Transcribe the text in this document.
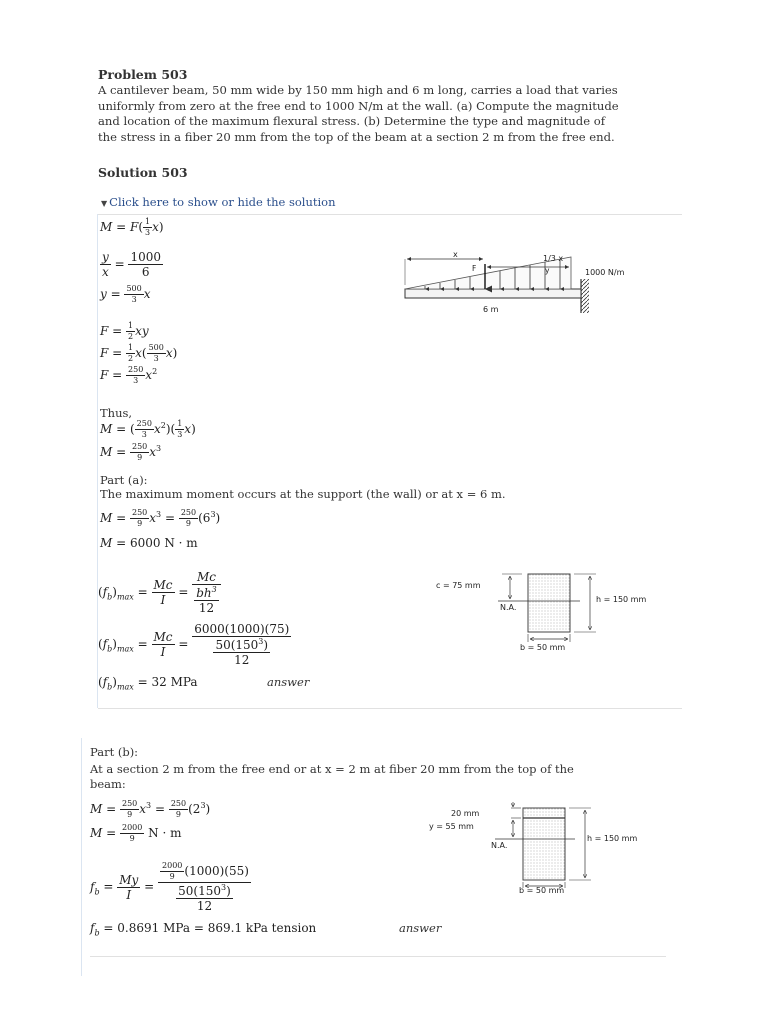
Problem 503
A cantilever beam, 50 mm wide by 150 mm high and 6 m long, carries a load that varies
uniformly from zero at the free end to 1000 N/m at the wall. (a) Compute the magnitude
and location of the maximum flexural stress. (b) Determine the type and magnitude of
the stress in a fiber 20 mm from the top of the beam at a section 2 m from the free end.
Solution 503
▼ Click here to show or hide the solution
$M = F( \frac{1}{3} x)$
$\frac{y}{x} = \frac{1000}{6}$
$y = \frac{500}{3}$ x
$F = \frac{1}{2}$ xy
$F = \frac{1}{2} x( \frac{500}{3} x)$
$F = \frac{250}{3} x^2$
Thus,
M = ( $\frac{250}{3} x^2)( \frac{1}{3} x)$
$M = \frac{250}{9} x^3$
Part (a):
The maximum moment occurs at the support (the wall) or at x = 6 m.
$M = \frac{250}{9} x^3 = \frac{250}{9} (6^3)$
M = 6000 N · m
$(f_b)_{max} = \frac{Mc}{I} = \frac{Mc}{\frac{bh^3}{12}}$
$(f_b)_{max} = \frac{Mc}{I} = \frac{6000(1000)(75)}{\frac{50(150^3)}{12}}$
$(f_b)_{max} = 32$ MPa	answer
Part (b):
At a section 2 m from the free end or at x = 2 m at fiber 20 mm from the top of the
beam:
$M = \frac{250}{9} x^3 = \frac{250}{9} (2^3)$
$M = \frac{2000}{9}$ N · m
$f_b = \frac{My}{I} = \frac{\frac{2000}{9} (1000)(55)}{\frac{50(150^3)}{12}}$
$f_b = 0.8691$ MPa = 869.1 kPa tension	answer
x	1/3 x
F	y	1000 N/m
6 m
c = 75 mm
N.A.
h = 150 mm
b = 50 mm
20 mm
y = 55 mm
N.A.
h = 150 mm
b = 50 mm
